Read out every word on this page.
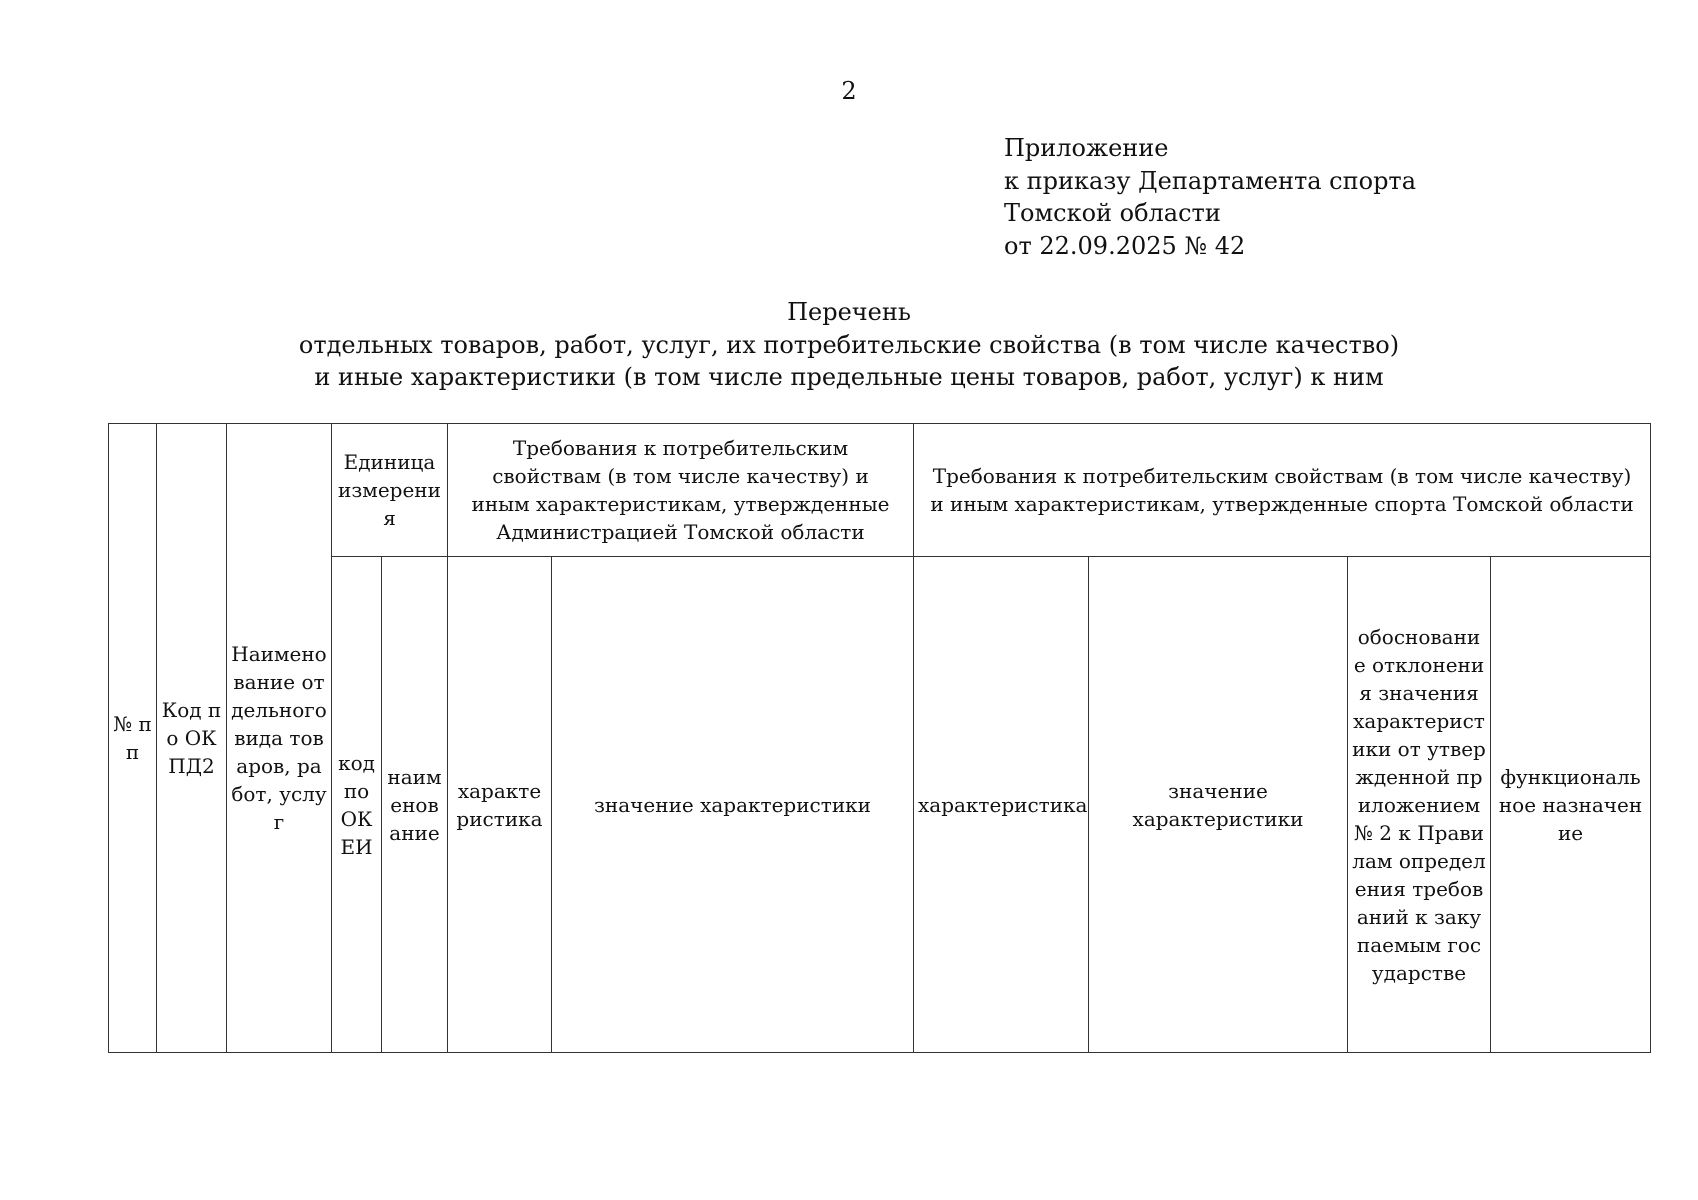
2
Приложение
к приказу Департамента спорта
Томской области
от 22.09.2025 № 42
Перечень
отдельных товаров, работ, услуг, их потребительские свойства (в том числе качество)
и иные характеристики (в том числе предельные цены товаров, работ, услуг) к ним
№ пп	Код по ОКПД2	Наименование отдельного вида товаров, работ, услуг	Единица измерения		Требования к потребительским свойствам (в том числе качеству) и иным характеристикам, утвержденные Администрацией Томской области		Требования к потребительским свойствам (в том числе качеству) и иным характеристикам, утвержденные спорта Томской области			
			код по ОКЕИ	наименование	характеристика	значение характеристики	характеристика	значение характеристики	обоснование отклонения значения характеристики от утвержденной приложением № 2 к Правилам определения требований к закупаемым государстве	функциональное назначение
